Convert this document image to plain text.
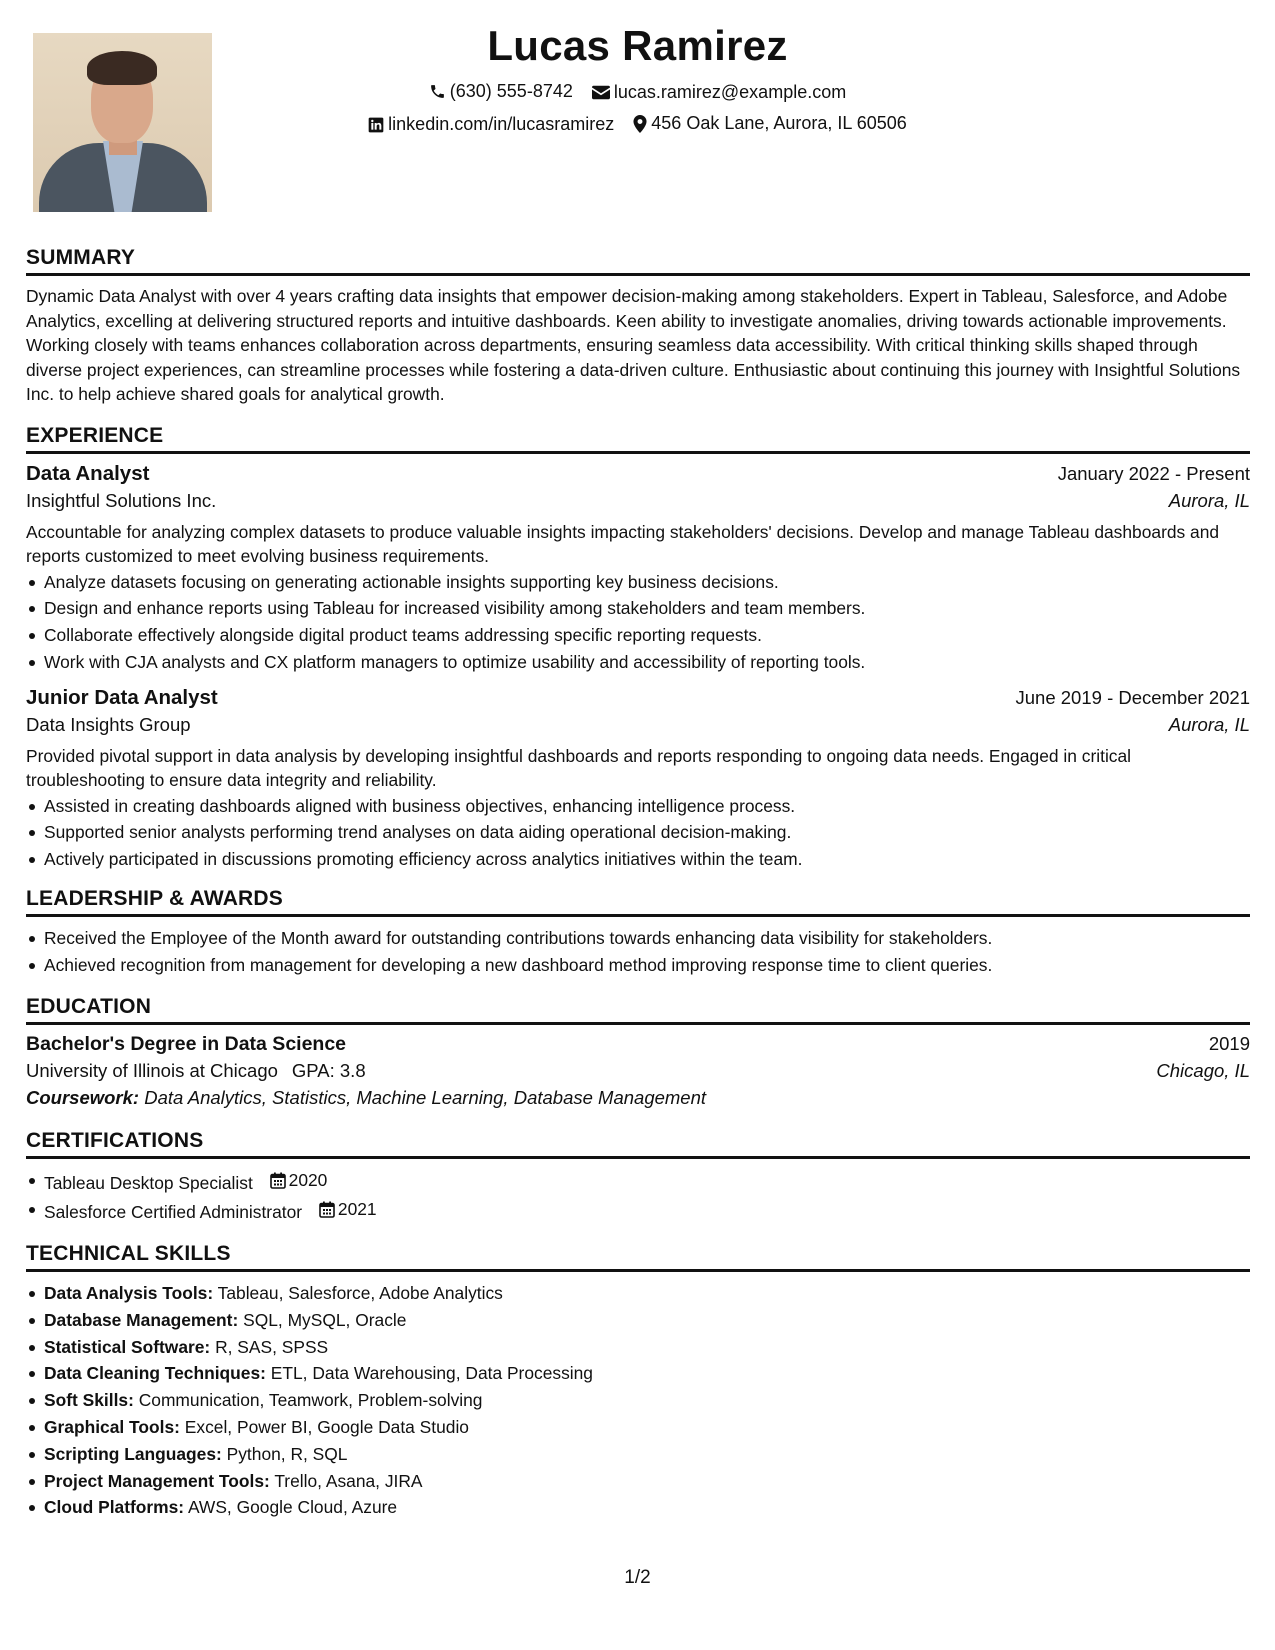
Lucas Ramirez
(630) 555-8742
lucas.ramirez@example.com
linkedin.com/in/lucasramirez
456 Oak Lane, Aurora, IL 60506
SUMMARY

Dynamic Data Analyst with over 4 years crafting data insights that empower decision-making among stakeholders. Expert in Tableau, Salesforce, and Adobe Analytics, excelling at delivering structured reports and intuitive dashboards. Keen ability to investigate anomalies, driving towards actionable improvements. Working closely with teams enhances collaboration across departments, ensuring seamless data accessibility. With critical thinking skills shaped through diverse project experiences, can streamline processes while fostering a data-driven culture. Enthusiastic about continuing this journey with Insightful Solutions Inc. to help achieve shared goals for analytical growth.

EXPERIENCE
Data Analyst	January 2022 - Present
Insightful Solutions Inc.	Aurora, IL

Accountable for analyzing complex datasets to produce valuable insights impacting stakeholders' decisions. Develop and manage Tableau dashboards and reports customized to meet evolving business requirements.

Analyze datasets focusing on generating actionable insights supporting key business decisions.
Design and enhance reports using Tableau for increased visibility among stakeholders and team members.
Collaborate effectively alongside digital product teams addressing specific reporting requests.
Work with CJA analysts and CX platform managers to optimize usability and accessibility of reporting tools.
Junior Data Analyst	June 2019 - December 2021
Data Insights Group	Aurora, IL

Provided pivotal support in data analysis by developing insightful dashboards and reports responding to ongoing data needs. Engaged in critical troubleshooting to ensure data integrity and reliability.

Assisted in creating dashboards aligned with business objectives, enhancing intelligence process.
Supported senior analysts performing trend analyses on data aiding operational decision-making.
Actively participated in discussions promoting efficiency across analytics initiatives within the team.
LEADERSHIP & AWARDS
Received the Employee of the Month award for outstanding contributions towards enhancing data visibility for stakeholders.
Achieved recognition from management for developing a new dashboard method improving response time to client queries.
EDUCATION
Bachelor's Degree in Data Science	2019
University of Illinois at Chicago GPA: 3.8	Chicago, IL
Coursework: Data Analytics, Statistics, Machine Learning, Database Management
CERTIFICATIONS
Tableau Desktop Specialist 2020
Salesforce Certified Administrator 2021
TECHNICAL SKILLS
Data Analysis Tools: Tableau, Salesforce, Adobe Analytics
Database Management: SQL, MySQL, Oracle
Statistical Software: R, SAS, SPSS
Data Cleaning Techniques: ETL, Data Warehousing, Data Processing
Soft Skills: Communication, Teamwork, Problem-solving
Graphical Tools: Excel, Power BI, Google Data Studio
Scripting Languages: Python, R, SQL
Project Management Tools: Trello, Asana, JIRA
Cloud Platforms: AWS, Google Cloud, Azure
1/2
